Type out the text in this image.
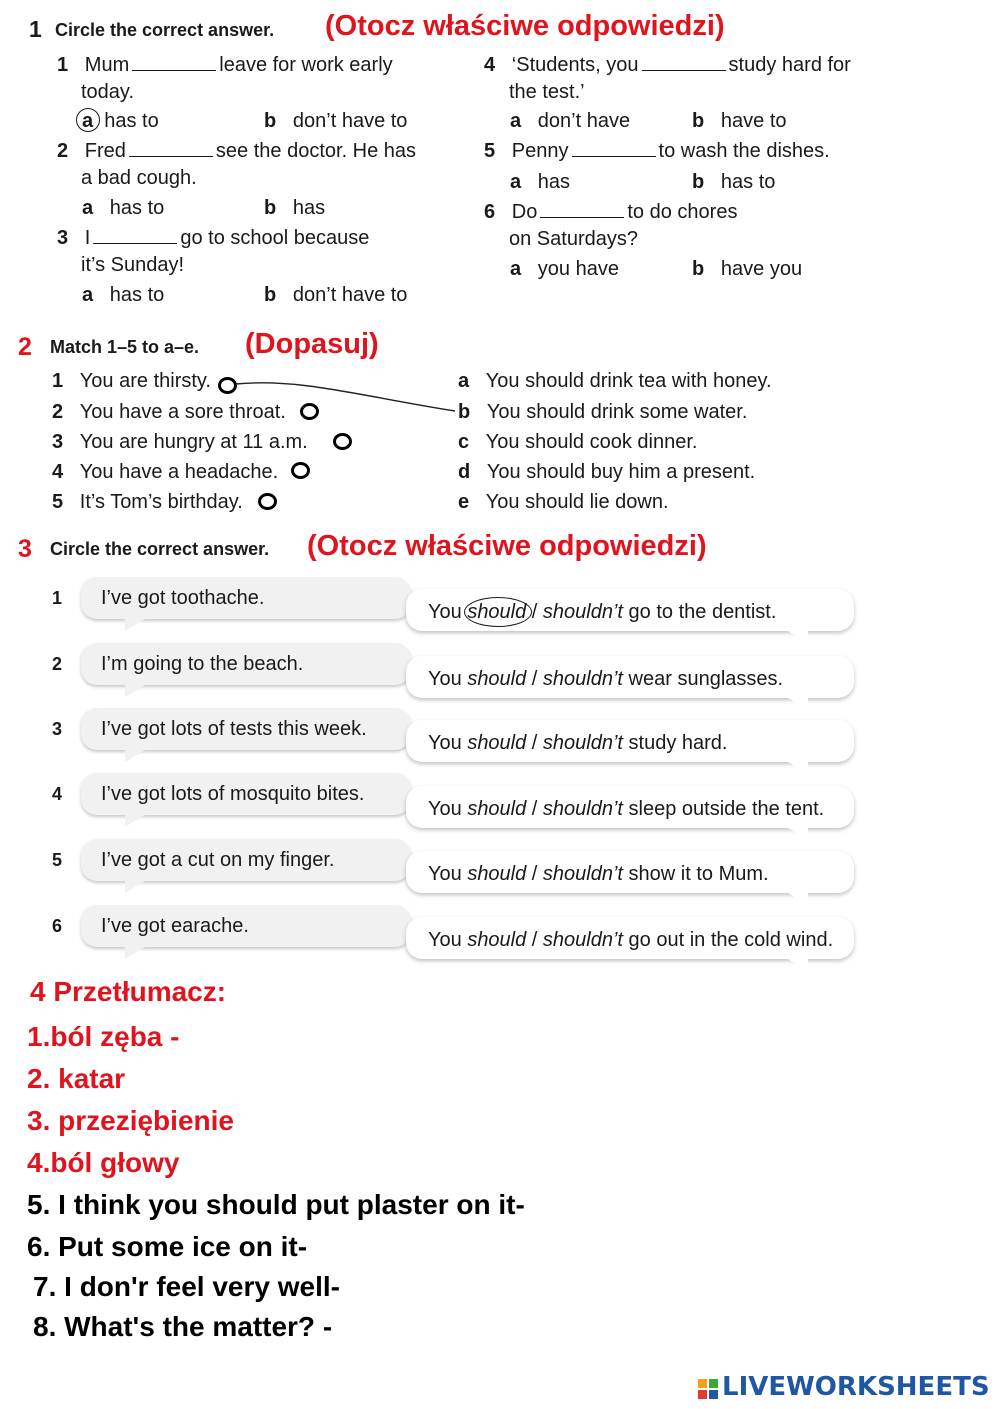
1 Circle the correct answer. (Otocz właściwe odpowiedzi)
1 Mum	leave for work early
today.
a has to	b don’t have to
2 Fred	see the doctor. He has
a bad cough.
a has to	b has
3 I	go to school because
it’s Sunday!
a has to	b don’t have to
4 ‘Students, you	study hard for
the test.’
a don’t have	b have to
5 Penny	to wash the dishes.
a has	b has to
6 Do	to do chores
on Saturdays?
a you have	b have you
2 Match 1–5 to a–e. (Dopasuj)
1 You are thirsty.
2 You have a sore throat.
3 You are hungry at 11 a.m.
4 You have a headache.
5 It’s Tom’s birthday.
a You should drink tea with honey.
b You should drink some water.
c You should cook dinner.
d You should buy him a present.
e You should lie down.
3 Circle the correct answer. (Otocz właściwe odpowiedzi)
1 I’ve got toothache.
You should / shouldn’t go to the dentist.
2 I’m going to the beach.
You should / shouldn’t wear sunglasses.
3 I’ve got lots of tests this week.
You should / shouldn’t study hard.
4 I’ve got lots of mosquito bites.
You should / shouldn’t sleep outside the tent.
5 I’ve got a cut on my finger.
You should / shouldn’t show it to Mum.
6 I’ve got earache.
You should / shouldn’t go out in the cold wind.
4 Przetłumacz:
1.ból zęba -
2. katar
3. przeziębienie
4.ból głowy
5. I think you should put plaster on it-
6. Put some ice on it-
7. I don'r feel very well-
8. What's the matter? -
LIVEWORKSHEETS
